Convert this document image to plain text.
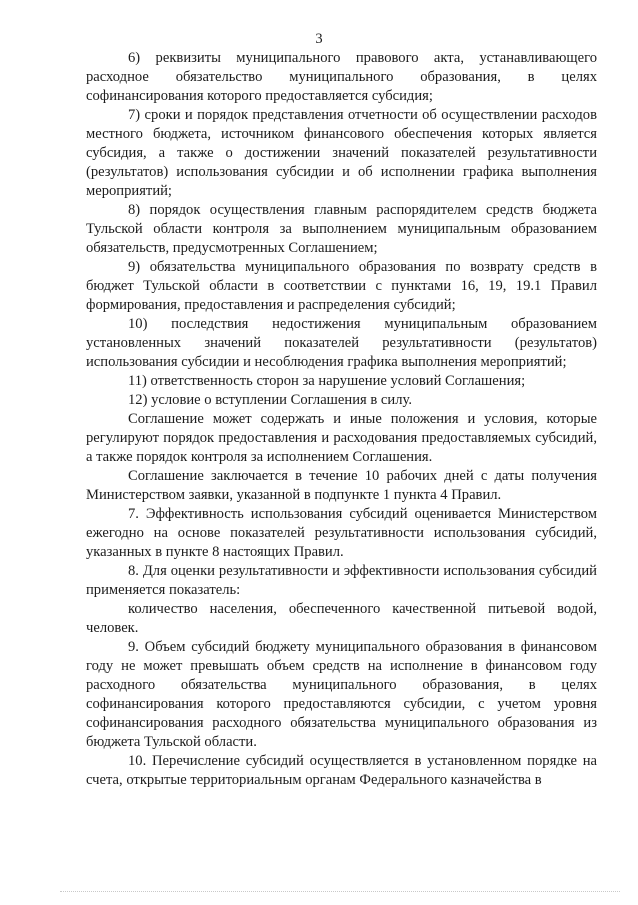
3

6) реквизиты муниципального правового акта, устанавливающего расходное обязательство муниципального образования, в целях софинансирования которого предоставляется субсидия;

7) сроки и порядок представления отчетности об осуществлении расходов местного бюджета, источником финансового обеспечения которых является субсидия, а также о достижении значений показателей результативности (результатов) использования субсидии и об исполнении графика выполнения мероприятий;

8) порядок осуществления главным распорядителем средств бюджета Тульской области контроля за выполнением муниципальным образованием обязательств, предусмотренных Соглашением;

9) обязательства муниципального образования по возврату средств в бюджет Тульской области в соответствии с пунктами 16, 19, 19.1 Правил формирования, предоставления и распределения субсидий;

10) последствия недостижения муниципальным образованием установленных значений показателей результативности (результатов) использования субсидии и несоблюдения графика выполнения мероприятий;

11) ответственность сторон за нарушение условий Соглашения;

12) условие о вступлении Соглашения в силу.

Соглашение может содержать и иные положения и условия, которые регулируют порядок предоставления и расходования предоставляемых субсидий, а также порядок контроля за исполнением Соглашения.

Соглашение заключается в течение 10 рабочих дней с даты получения Министерством заявки, указанной в подпункте 1 пункта 4 Правил.

7. Эффективность использования субсидий оценивается Министерством ежегодно на основе показателей результативности использования субсидий, указанных в пункте 8 настоящих Правил.

8. Для оценки результативности и эффективности использования субсидий применяется показатель:

количество населения, обеспеченного качественной питьевой водой, человек.

9. Объем субсидий бюджету муниципального образования в финансовом году не может превышать объем средств на исполнение в финансовом году расходного обязательства муниципального образования, в целях софинансирования которого предоставляются субсидии, с учетом уровня софинансирования расходного обязательства муниципального образования из бюджета Тульской области.

10. Перечисление субсидий осуществляется в установленном порядке на счета, открытые территориальным органам Федерального казначейства в
